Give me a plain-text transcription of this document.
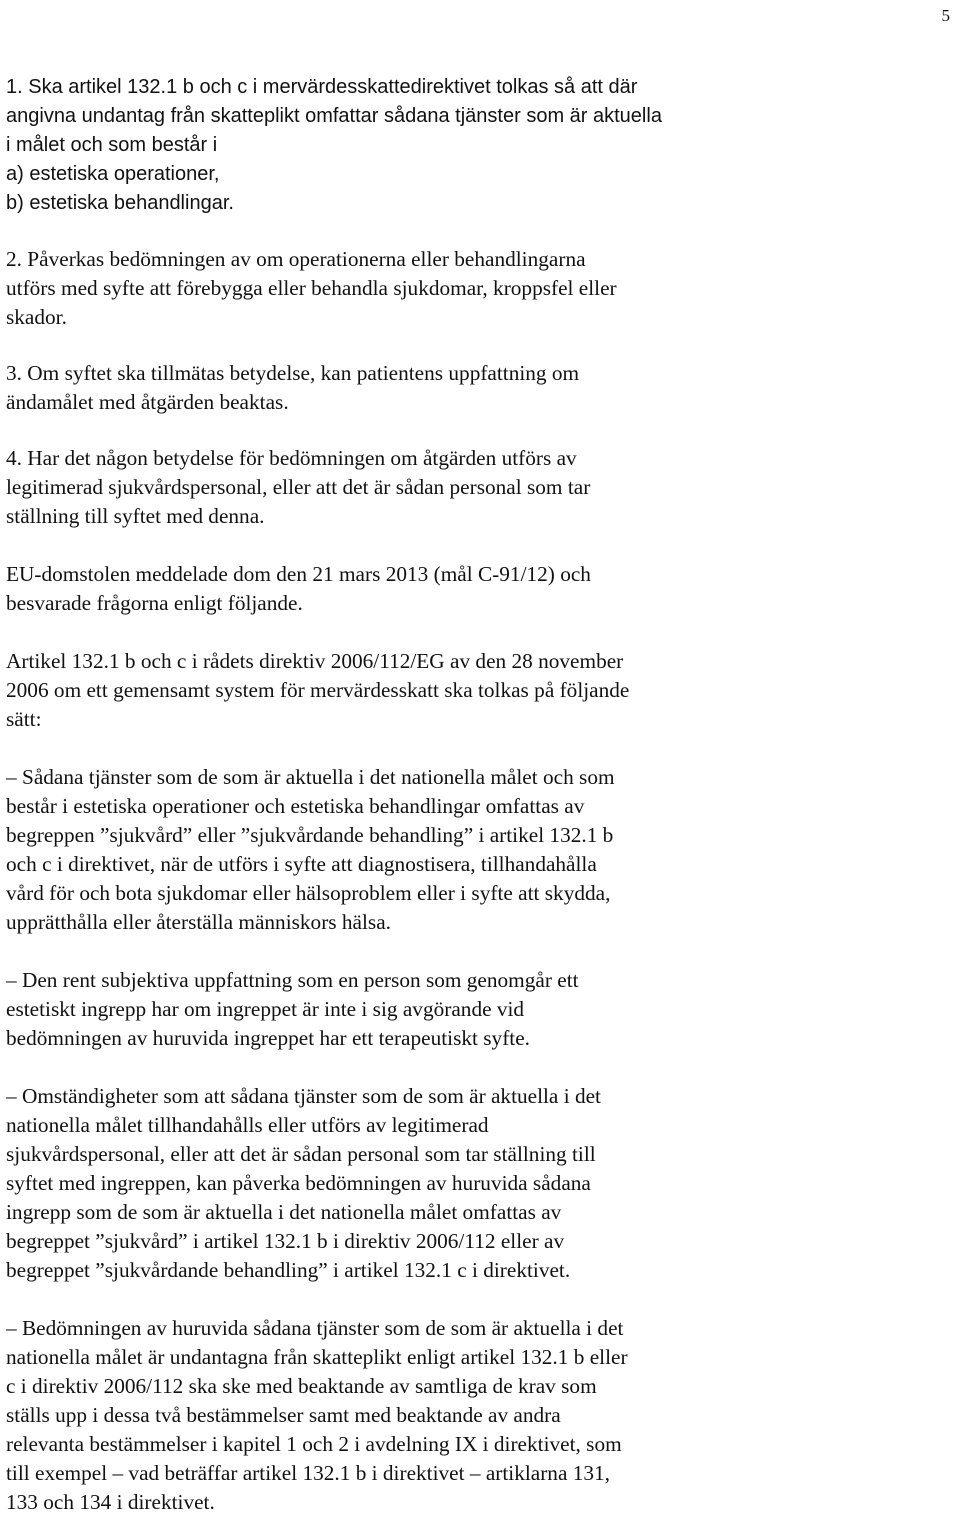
5

1. Ska artikel 132.1 b och c i mervärdesskattedirektivet tolkas så att där
angivna undantag från skatteplikt omfattar sådana tjänster som är aktuella
i målet och som består i
a) estetiska operationer,
b) estetiska behandlingar.

2. Påverkas bedömningen av om operationerna eller behandlingarna
utförs med syfte att förebygga eller behandla sjukdomar, kroppsfel eller
skador.

3. Om syftet ska tillmätas betydelse, kan patientens uppfattning om
ändamålet med åtgärden beaktas.

4. Har det någon betydelse för bedömningen om åtgärden utförs av
legitimerad sjukvårdspersonal, eller att det är sådan personal som tar
ställning till syftet med denna.

EU-domstolen meddelade dom den 21 mars 2013 (mål C-91/12) och
besvarade frågorna enligt följande.

Artikel 132.1 b och c i rådets direktiv 2006/112/EG av den 28 november
2006 om ett gemensamt system för mervärdesskatt ska tolkas på följande
sätt:

– Sådana tjänster som de som är aktuella i det nationella målet och som
består i estetiska operationer och estetiska behandlingar omfattas av
begreppen ”sjukvård” eller ”sjukvårdande behandling” i artikel 132.1 b
och c i direktivet, när de utförs i syfte att diagnostisera, tillhandahålla
vård för och bota sjukdomar eller hälsoproblem eller i syfte att skydda,
upprätthålla eller återställa människors hälsa.

– Den rent subjektiva uppfattning som en person som genomgår ett
estetiskt ingrepp har om ingreppet är inte i sig avgörande vid
bedömningen av huruvida ingreppet har ett terapeutiskt syfte.

– Omständigheter som att sådana tjänster som de som är aktuella i det
nationella målet tillhandahålls eller utförs av legitimerad
sjukvårdspersonal, eller att det är sådan personal som tar ställning till
syftet med ingreppen, kan påverka bedömningen av huruvida sådana
ingrepp som de som är aktuella i det nationella målet omfattas av
begreppet ”sjukvård” i artikel 132.1 b i direktiv 2006/112 eller av
begreppet ”sjukvårdande behandling” i artikel 132.1 c i direktivet.

– Bedömningen av huruvida sådana tjänster som de som är aktuella i det
nationella målet är undantagna från skatteplikt enligt artikel 132.1 b eller
c i direktiv 2006/112 ska ske med beaktande av samtliga de krav som
ställs upp i dessa två bestämmelser samt med beaktande av andra
relevanta bestämmelser i kapitel 1 och 2 i avdelning IX i direktivet, som
till exempel – vad beträffar artikel 132.1 b i direktivet – artiklarna 131,
133 och 134 i direktivet.
